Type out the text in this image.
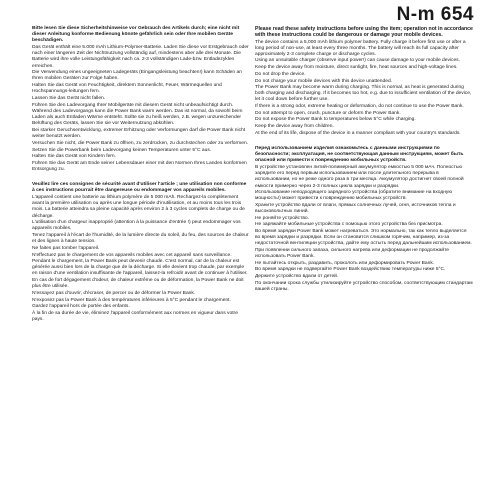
N-m 654
Bitte lesen Sie diese Sicherheitshinweise vor Gebrauch des Artikels durch; eine nicht mit dieser Anleitung konforme Bedienung könnte gefährlich sein oder Ihre mobilen Geräte beschädigen.
Das Gerät enthält eine 5.000 mAh Lithium-Polymer-Batterie. Laden Sie diese vor Erstgebrauch oder nach einer längeren Zeit der Nichtnutzung vollständig auf, mindestens aber alle drei Monate. Die Batterie wird ihre volle Leistungsfähigkeit nach ca. 2-3 vollständigen Lade-bzw. Entladezyklen erreichen.
Die Verwendung eines ungeeigneten Ladegeräts (Eingangsleistung beachten!) kann Schäden an Ihren mobilen Geräten zur Folge haben.
Halten Sie das Gerät von Feuchtigkeit, direktem Sonnenlicht, Feuer, Wärmequellen und Hochspannungs-leitungen fern.
Lassen Sie das Gerät nicht fallen.
Führen Sie den Ladevorgang Ihrer Mobilgeräte mit diesem Gerät nicht unbeaufsichtigt durch.
Während des Ladevorgangs kann die Power Bank warm werden. Das ist normal, da sowohl beim Laden als auch Entladen Wärme entsteht. Sollte sie zu heiß werden, z.B. wegen unzureichender Belüftung des Geräts, lassen Sie sie vor Weiternutzung abkühlen.
Bei starker Geruchsentwicklung, extremer Erhitzung oder Verformungen darf die Power Bank nicht weiter benutzt werden.
Versuchen Sie nicht, die Power Bank zu öffnen, zu zerdrücken, zu durchstechen oder zu verformen.
Setzen Sie die Powerbank beim Ladevorgang keinen Temperaturen unter 5°C aus.
Halten Sie das Gerät von Kindern fern.
Führen Sie das Gerät am Ende seiner Lebensdauer einer mit den Normen Ihres Landes konformen Entsorgung zu.
Veuillez lire ces consignes de sécurité avant d'utiliser l'article ; une utilisation non conforme à ces instructions pourrait être dangereuse ou endommager vos appareils mobiles.
L'appareil contient une batterie au lithium polymère de 5 000 mAh. Rechargez-la complètement avant la première utilisation ou après une longue période d'inutilisation, et au moins tous les trois mois. La batterie atteindra sa pleine capacité après environ 2 à 3 cycles complets de charge ou de décharge.
L'utilisation d'un chargeur inapproprié (attention à la puissance d'entrée !) peut endommager vos appareils mobiles.
Tenez l'appareil à l'écart de l'humidité, de la lumière directe du soleil, du feu, des sources de chaleur et des lignes à haute tension.
Ne faites pas tomber l'appareil.
N'effectuez pas le chargement de vos appareils mobiles avec cet appareil sans surveillance.
Pendant le chargement, la Power Bank peut devenir chaude. C'est normal, car de la chaleur est générée aussi bien lors de la charge que de la décharge. Si elle devient trop chaude, par exemple en raison d'une ventilation insuffisante de l'appareil, laissez-la refroidir avant de continuer à l'utiliser.
En cas de fort dégagement d'odeur, de chaleur extrême ou de déformation, la Power Bank ne doit plus être utilisée.
N'essayez pas d'ouvrir, d'écraser, de percer ou de déformer la Power Bank.
N'exposez pas la Power Bank à des températures inférieures à 5°C pendant le chargement.
Gardez l'appareil hors de portée des enfants.
À la fin de sa durée de vie, éliminez l'appareil conformément aux normes en vigueur dans votre pays.
Please read these safety instructions before using the item; operation not in accordance with these instructions could be dangerous or damage your mobile devices.
The device contains a 5,000 mAh lithium polymer battery. Fully charge it before first use or after a long period of non-use, at least every three months. The battery will reach its full capacity after approximately 2-3 complete charge or discharge cycles.
Using an unsuitable charger (observe input power!) can cause damage to your mobile devices.
Keep the device away from moisture, direct sunlight, fire, heat sources and high-voltage lines.
Do not drop the device.
Do not charge your mobile devices with this device unattended.
The Power Bank may become warm during charging. This is normal, as heat is generated during both charging and discharging. If it becomes too hot, e.g. due to insufficient ventilation of the device, let it cool down before further use.
If there is a strong odor, extreme heating or deformation, do not continue to use the Power Bank.
Do not attempt to open, crush, puncture or deform the Power Bank.
Do not expose the Power Bank to temperatures below 5°C while charging.
Keep the device away from children.
At the end of its life, dispose of the device in a manner compliant with your country's standards.
Перед использованием изделия ознакомьтесь с данными инструкциями по безопасности; эксплуатация, не соответствующая данным инструкциям, может быть опасной или привести к повреждению мобильных устройств.
В устройстве установлен литий-полимерный аккумулятор емкостью 5 000 мАч. Полностью зарядите его перед первым использованием или после длительного перерыва в использовании, но не реже одного раза в три месяца. Аккумулятор достигнет своей полной емкости примерно через 2-3 полных цикла зарядки и разрядки.
Использование неподходящего зарядного устройства (обратите внимание на входную мощность!) может привести к повреждению мобильных устройств.
Храните устройство вдали от влаги, прямых солнечных лучей, огня, источников тепла и высоковольтных линий.
Не роняйте устройство.
Не заряжайте мобильные устройства с помощью этого устройства без присмотра.
Во время зарядки Power Bank может нагреваться. Это нормально, так как тепло выделяется во время зарядки и разрядки. Если он становится слишком горячим, например, из-за недостаточной вентиляции устройства, дайте ему остыть перед дальнейшим использованием.
При появлении сильного запаха, сильного нагрева или деформации не продолжайте использовать Power Bank.
Не пытайтесь открыть, раздавить, проколоть или деформировать Power Bank.
Во время зарядки не подвергайте Power Bank воздействию температуры ниже 5°C.
Держите устройство вдали от детей.
По окончании срока службы утилизируйте устройство способом, соответствующим стандартам вашей страны.
